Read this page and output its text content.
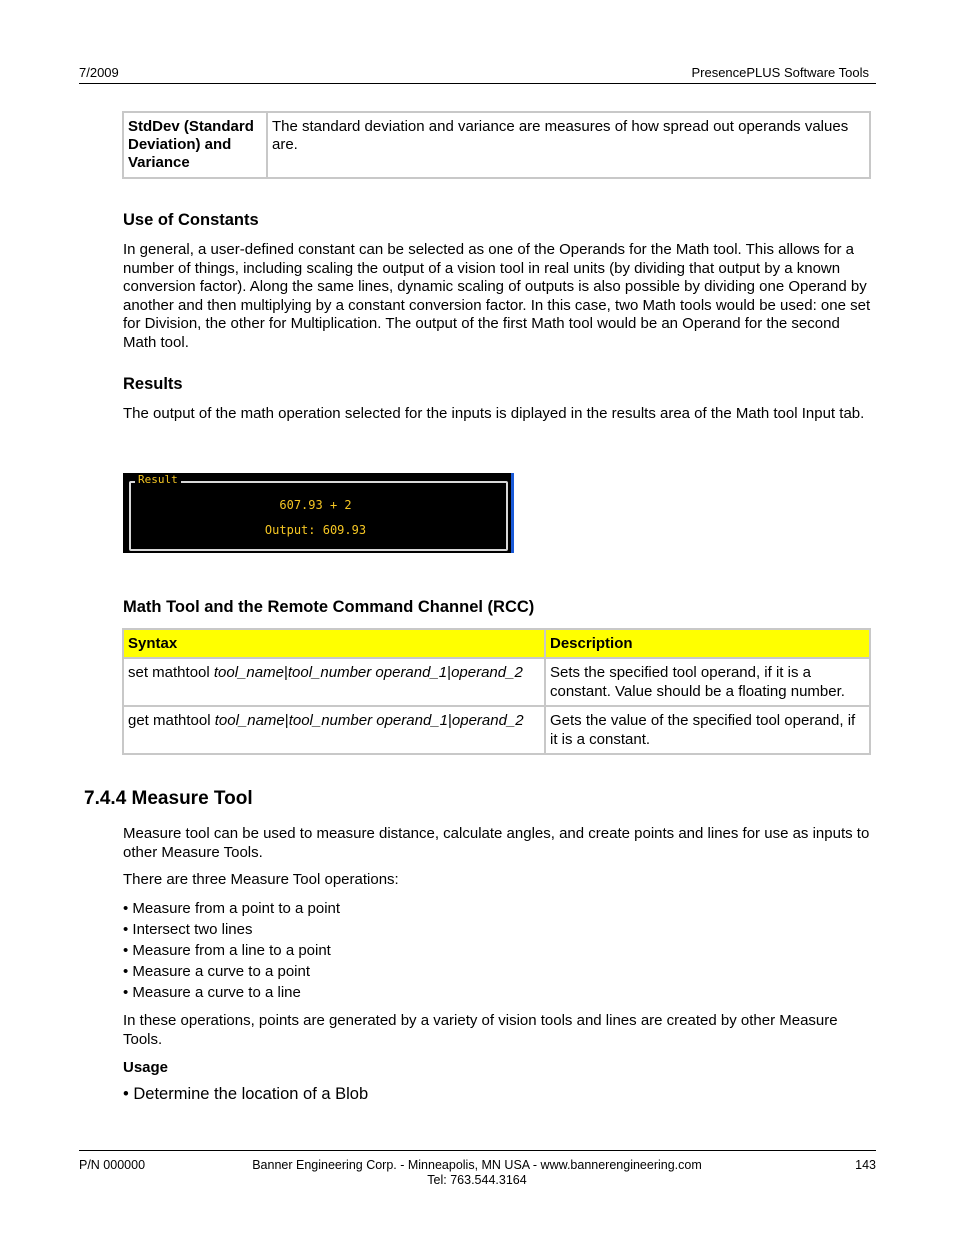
7/2009	PresencePLUS Software Tools
StdDev (Standard
Deviation) and
Variance
	The standard deviation and variance are measures of how spread out operands values are.
Use of Constants
In general, a user-defined constant can be selected as one of the Operands for the Math tool. This allows for a number of things, including scaling the output of a vision tool in real units (by dividing that output by a known conversion factor). Along the same lines, dynamic scaling of outputs is also possible by dividing one Operand by another and then multiplying by a constant conversion factor. In this case, two Math tools would be used: one set for Division, the other for Multiplication. The output of the first Math tool would be an Operand for the second Math tool.
Results
The output of the math operation selected for the inputs is diplayed in the results area of the Math tool Input tab.
Result
607.93 + 2
Output: 609.93
Math Tool and the Remote Command Channel (RCC)
Syntax	Description
set mathtool tool_name|tool_number operand_1|operand_2	Sets the specified tool operand, if it is a constant. Value should be a floating number.
get mathtool tool_name|tool_number operand_1|operand_2	Gets the value of the specified tool operand, if it is a constant.
7.4.4 Measure Tool
Measure tool can be used to measure distance, calculate angles, and create points and lines for use as inputs to other Measure Tools.
There are three Measure Tool operations:
• Measure from a point to a point
• Intersect two lines
• Measure from a line to a point
• Measure a curve to a point
• Measure a curve to a line
In these operations, points are generated by a variety of vision tools and lines are created by other Measure Tools.
Usage
• Determine the location of a Blob
P/N 000000	Banner Engineering Corp. - Minneapolis, MN USA - www.bannerengineering.com
Tel: 763.544.3164
143
